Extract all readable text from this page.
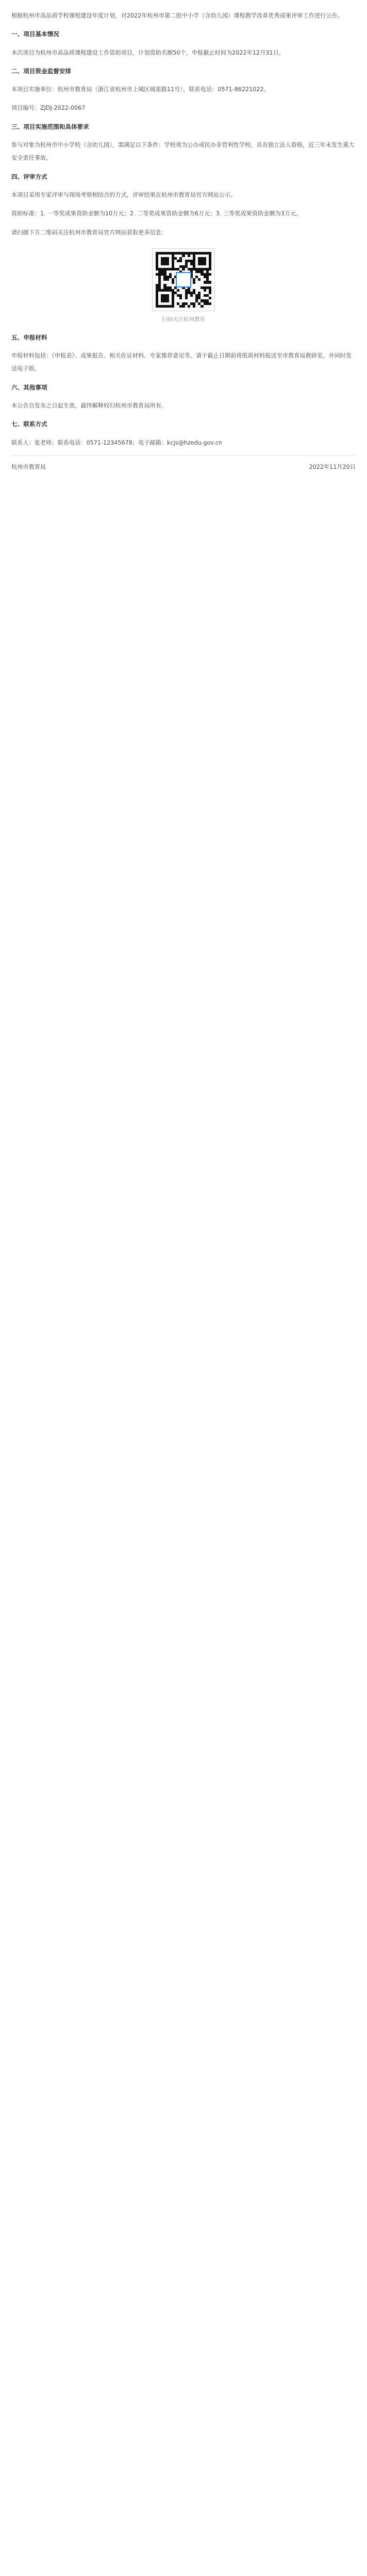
根据杭州市高品质学校课程建设年度计划，对2022年杭州市第二批中小学（含幼儿园）课程教学改革优秀成果评审工作进行公告。
一、项目基本情况
本次项目为杭州市高品质课程建设工作资助项目，计划资助名额50个，申报截止时间为2022年12月31日。
二、项目资金监督安排
本项目实施单位：杭州市教育局（浙江省杭州市上城区城星路11号），联系电话：0571-86221022。
项目编号：ZJDJ-2022-0067
三、项目实施范围和具体要求
参与对象为杭州市中小学校（含幼儿园），需满足以下条件：学校须为公办或民办非营利性学校，具有独立法人资格，近三年未发生重大安全责任事故。
四、评审方式
本项目采用专家评审与现场考察相结合的方式，评审结果在杭州市教育局官方网站公示。
资助标准：1. 一等奖成果资助金额为10万元；2. 二等奖成果资助金额为6万元；3. 三等奖成果资助金额为3万元。
请扫描下方二维码关注杭州市教育局官方网站获取更多信息：
扫码关注杭州教育
五、申报材料
申报材料包括：《申报表》、成果报告、相关佐证材料、专家推荐意见等。请于截止日期前将纸质材料报送至市教育局教研室，并同时发送电子版。
六、其他事项
本公告自发布之日起生效，最终解释权归杭州市教育局所有。
七、联系方式
联系人：张老师；联系电话：0571-12345678；电子邮箱：kcjs@hzedu.gov.cn
杭州市教育局	2022年11月20日
